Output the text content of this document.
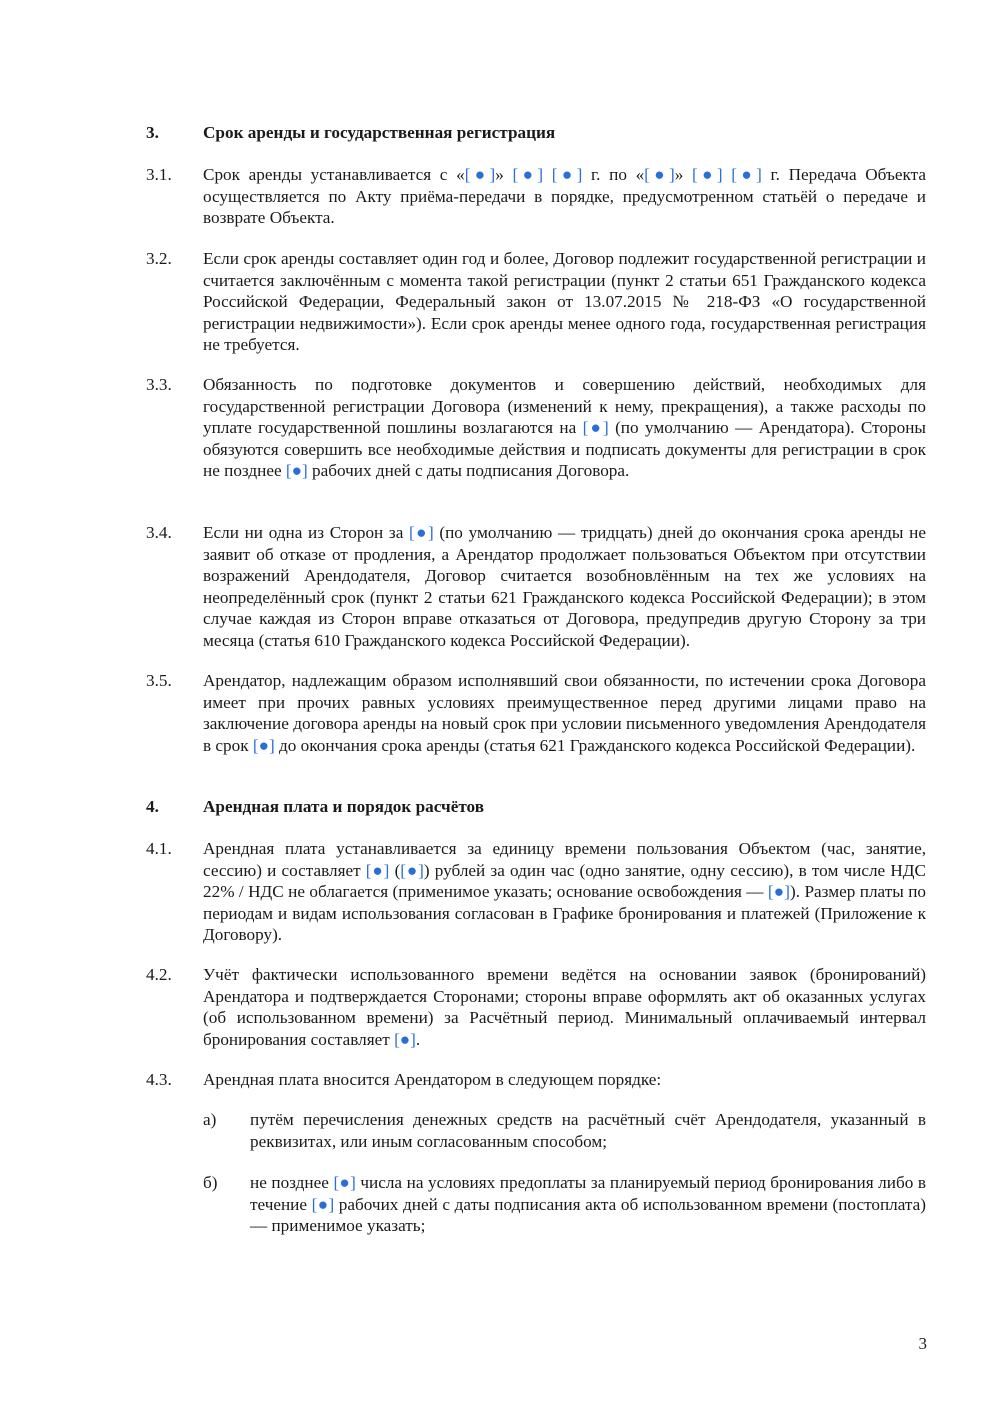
3.	Срок аренды и государственная регистрация
3.1.	Срок аренды устанавливается с «[●]» [●] [●] г. по «[●]» [●] [●] г. Передача Объекта осуществляется по Акту приёма-передачи в порядке, предусмотренном статьёй о передаче и возврате Объекта.
3.2.	Если срок аренды составляет один год и более, Договор подлежит государственной регистрации и считается заключённым с момента такой регистрации (пункт 2 статьи 651 Гражданского кодекса Российской Федерации, Федеральный закон от 13.07.2015 № 218-ФЗ «О государственной регистрации недвижимости»). Если срок аренды менее одного года, государственная регистрация не требуется.
3.3.	Обязанность по подготовке документов и совершению действий, необходимых для государственной регистрации Договора (изменений к нему, прекращения), а также расходы по уплате государственной пошлины возлагаются на [●] (по умолчанию — Арендатора). Стороны обязуются совершить все необходимые действия и подписать документы для регистрации в срок не позднее [●] рабочих дней с даты подписания Договора.
3.4.	Если ни одна из Сторон за [●] (по умолчанию — тридцать) дней до окончания срока аренды не заявит об отказе от продления, а Арендатор продолжает пользоваться Объектом при отсутствии возражений Арендодателя, Договор считается возобновлённым на тех же условиях на неопределённый срок (пункт 2 статьи 621 Гражданского кодекса Российской Федерации); в этом случае каждая из Сторон вправе отказаться от Договора, предупредив другую Сторону за три месяца (статья 610 Гражданского кодекса Российской Федерации).
3.5.	Арендатор, надлежащим образом исполнявший свои обязанности, по истечении срока Договора имеет при прочих равных условиях преимущественное перед другими лицами право на заключение договора аренды на новый срок при условии письменного уведомления Арендодателя в срок [●] до окончания срока аренды (статья 621 Гражданского кодекса Российской Федерации).
4.	Арендная плата и порядок расчётов
4.1.	Арендная плата устанавливается за единицу времени пользования Объектом (час, занятие, сессию) и составляет [●] ([●]) рублей за один час (одно занятие, одну сессию), в том числе НДС 22% / НДС не облагается (применимое указать; основание освобождения — [●]). Размер платы по периодам и видам использования согласован в Графике бронирования и платежей (Приложение к Договору).
4.2.	Учёт фактически использованного времени ведётся на основании заявок (бронирований) Арендатора и подтверждается Сторонами; стороны вправе оформлять акт об оказанных услугах (об использованном времени) за Расчётный период. Минимальный оплачиваемый интервал бронирования составляет [●].
4.3.	Арендная плата вносится Арендатором в следующем порядке:
а)	путём перечисления денежных средств на расчётный счёт Арендодателя, указанный в реквизитах, или иным согласованным способом;
б)	не позднее [●] числа на условиях предоплаты за планируемый период бронирования либо в течение [●] рабочих дней с даты подписания акта об использованном времени (постоплата) — применимое указать;
3
